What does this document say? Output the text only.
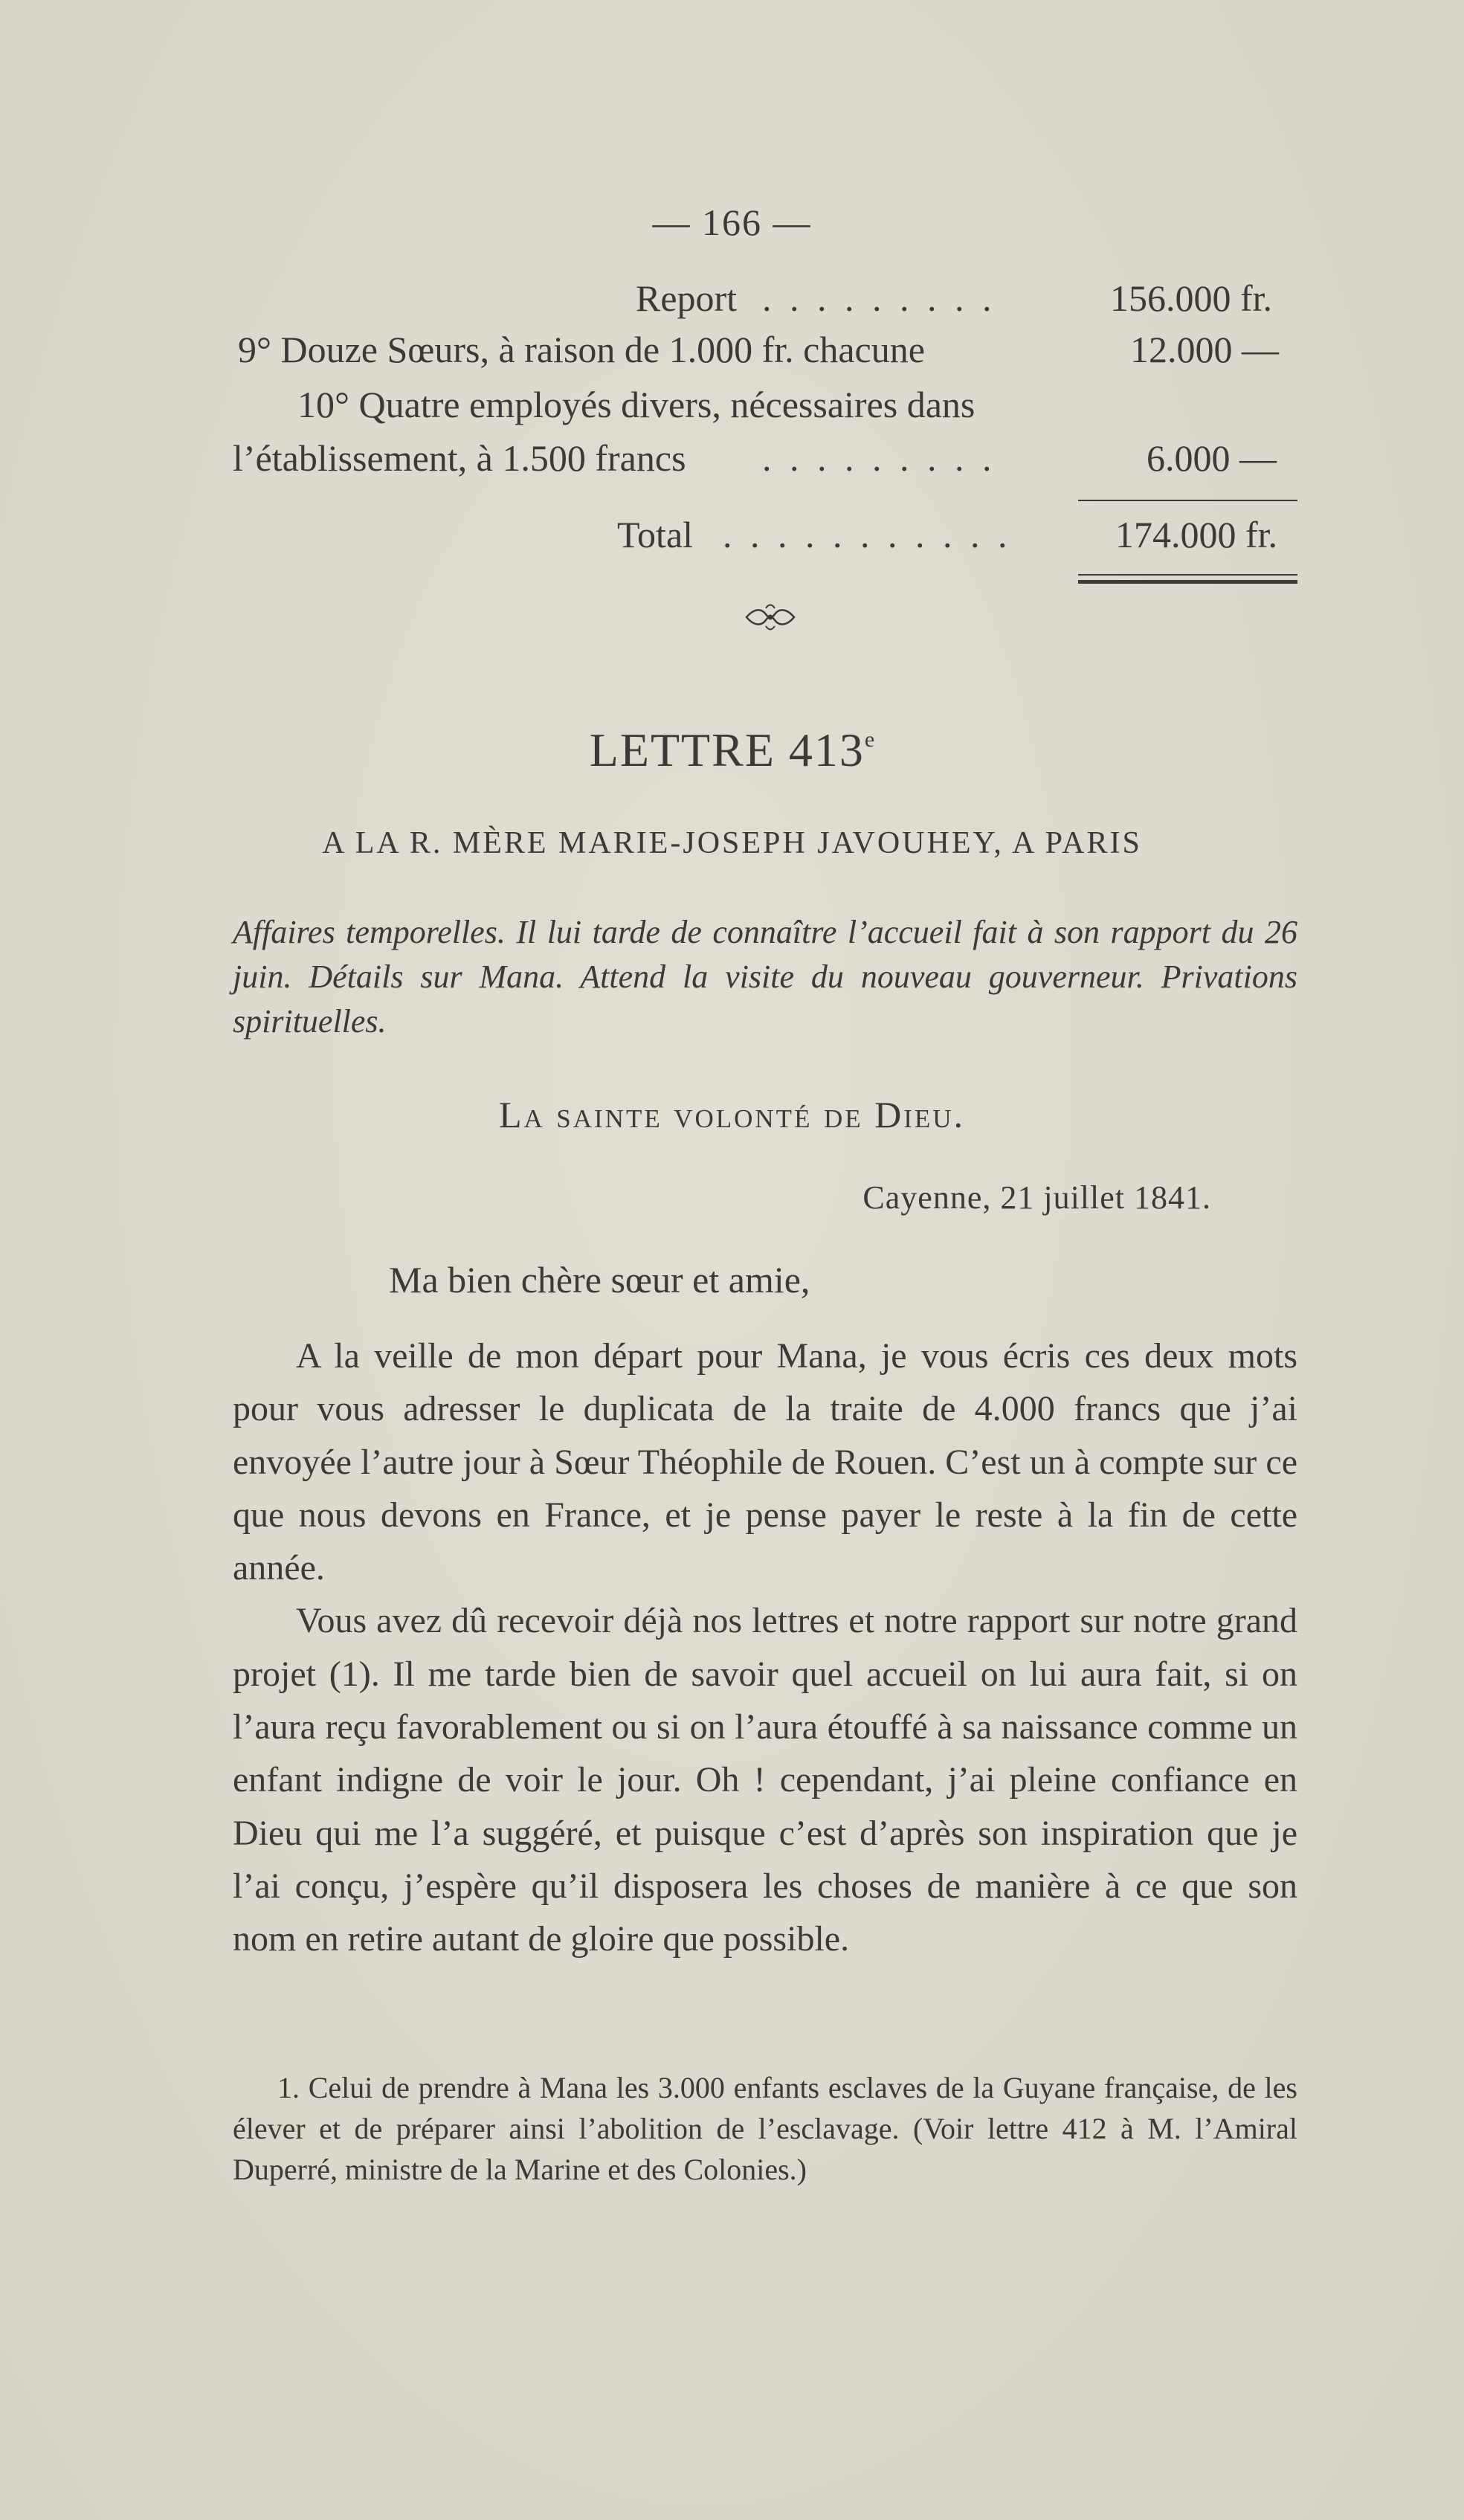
— 166 —
Report . . . . . . . . .	156.000 fr.
9° Douze Sœurs, à raison de 1.000 fr. chacune	12.000 —
10° Quatre employés divers, nécessaires dans
l’établissement, à 1.500 francs . . . . . . . . .	6.000 —
Total . . . . . . . . . . .	174.000 fr.
LETTRE 413e
A LA R. MÈRE MARIE-JOSEPH JAVOUHEY, A PARIS
Affaires temporelles. Il lui tarde de connaître l’accueil fait à son rapport du 26 juin. Détails sur Mana. Attend la visite du nouveau gouverneur. Privations spirituelles.
La sainte volonté de Dieu.
Cayenne, 21 juillet 1841.
Ma bien chère sœur et amie,

A la veille de mon départ pour Mana, je vous écris ces deux mots pour vous adresser le duplicata de la traite de 4.000 francs que j’ai envoyée l’autre jour à Sœur Théophile de Rouen. C’est un à compte sur ce que nous devons en France, et je pense payer le reste à la fin de cette année.

Vous avez dû recevoir déjà nos lettres et notre rapport sur notre grand projet (1). Il me tarde bien de savoir quel accueil on lui aura fait, si on l’aura reçu favorablement ou si on l’aura étouffé à sa naissance comme un enfant indigne de voir le jour. Oh ! cependant, j’ai pleine confiance en Dieu qui me l’a suggéré, et puisque c’est d’après son inspiration que je l’ai conçu, j’espère qu’il disposera les choses de manière à ce que son nom en retire autant de gloire que possible.

1. Celui de prendre à Mana les 3.000 enfants esclaves de la Guyane française, de les élever et de préparer ainsi l’abolition de l’esclavage. (Voir lettre 412 à M. l’Amiral Duperré, ministre de la Marine et des Colonies.)
